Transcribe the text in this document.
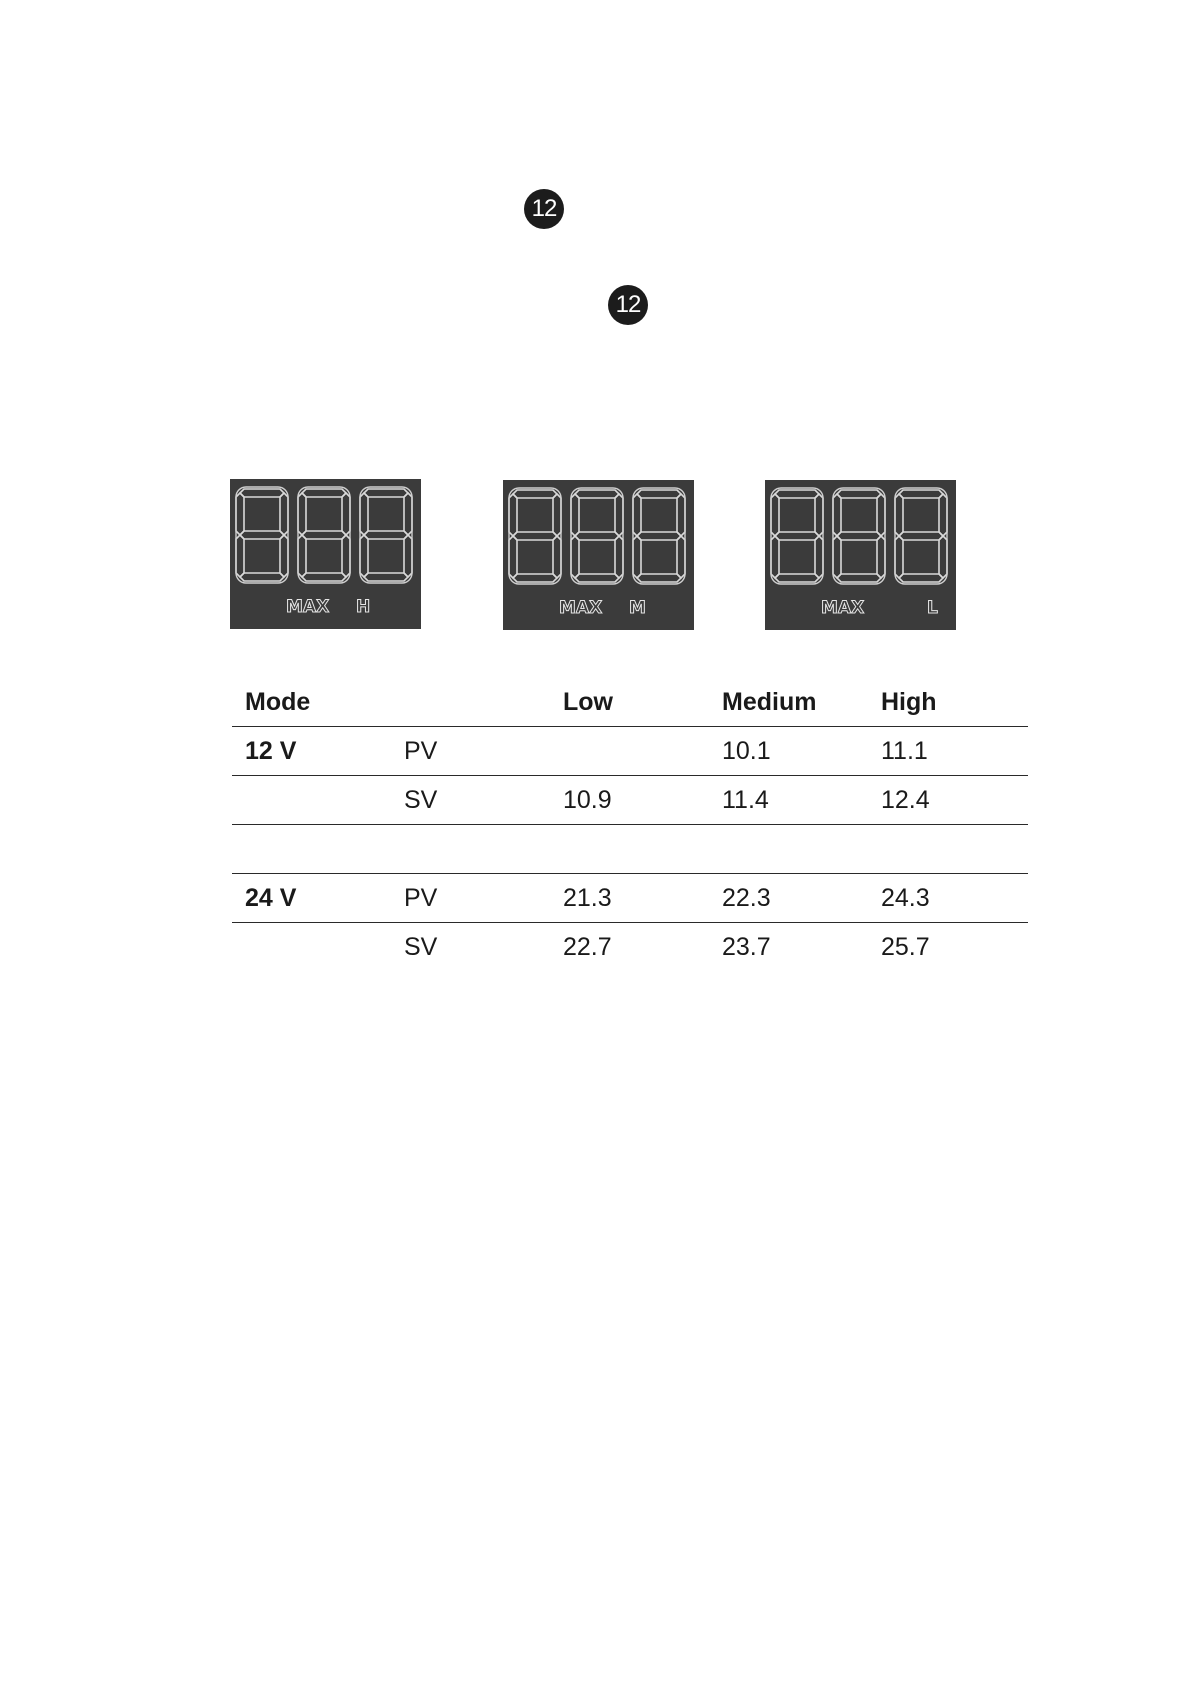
12
12
MAX H	MAX M	MAX	L
Mode		Low	Medium	High
12 V	PV		10.1	11.1
	SV	10.9	11.4	12.4

24 V	PV	21.3	22.3	24.3
	SV	22.7	23.7	25.7
